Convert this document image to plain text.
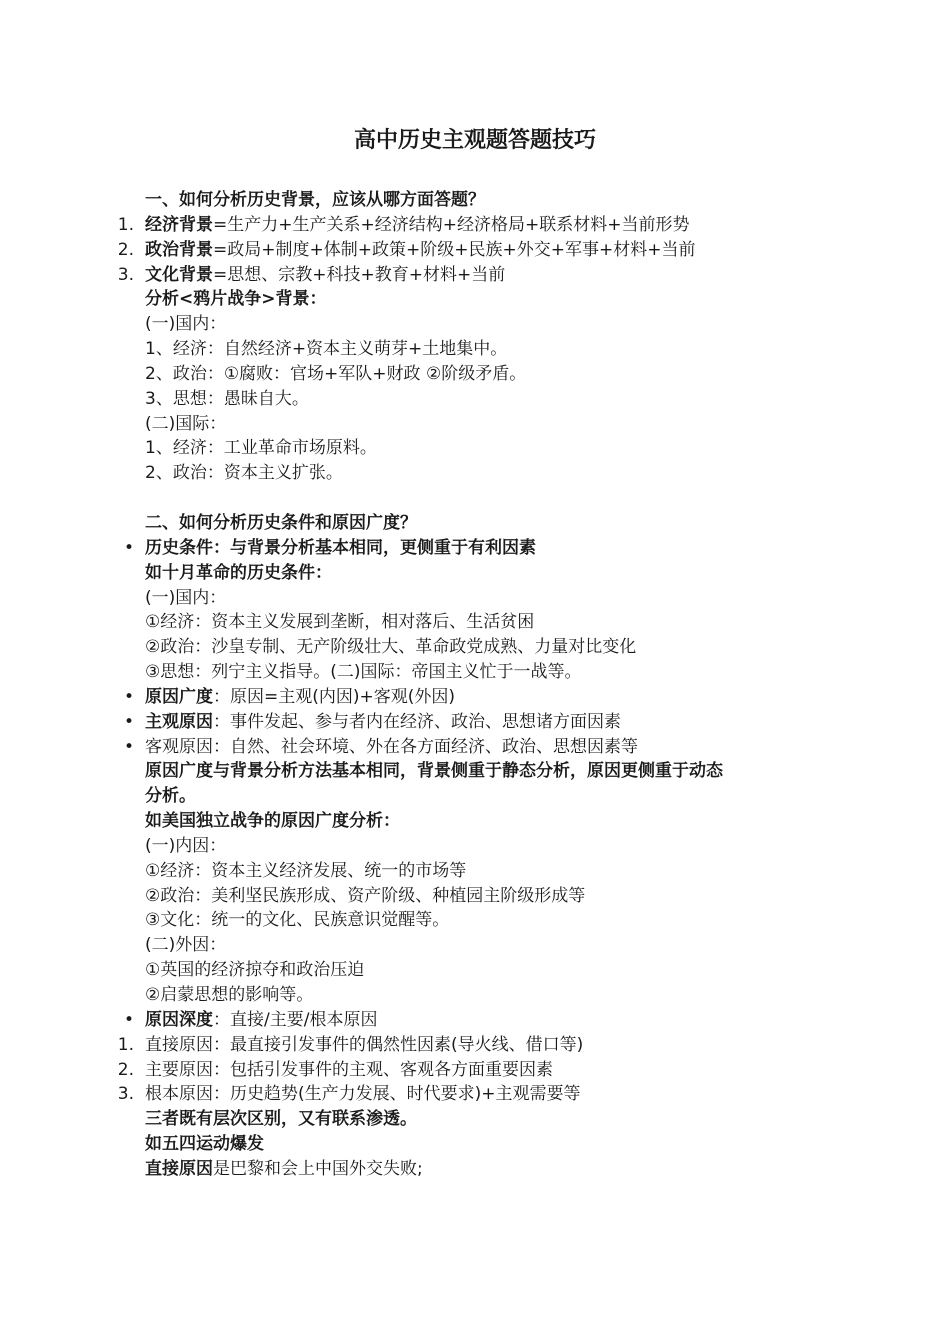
高中历史主观题答题技巧
一、如何分析历史背景，应该从哪方面答题？
1. 经济背景=生产力+生产关系+经济结构+经济格局+联系材料+当前形势
2. 政治背景=政局+制度+体制+政策+阶级+民族+外交+军事+材料+当前
3. 文化背景=思想、宗教+科技+教育+材料+当前
分析<鸦片战争>背景：
(一)国内：
1、经济：自然经济+资本主义萌芽+土地集中。
2、政治：①腐败：官场+军队+财政 ②阶级矛盾。
3、思想：愚昧自大。
(二)国际：
1、经济：工业革命市场原料。
2、政治：资本主义扩张。
二、如何分析历史条件和原因广度？
• 历史条件：与背景分析基本相同，更侧重于有利因素
如十月革命的历史条件：
(一)国内：
①经济：资本主义发展到垄断，相对落后、生活贫困
②政治：沙皇专制、无产阶级壮大、革命政党成熟、力量对比变化
③思想：列宁主义指导。(二)国际：帝国主义忙于一战等。
• 原因广度：原因=主观(内因)+客观(外因)
• 主观原因：事件发起、参与者内在经济、政治、思想诸方面因素
• 客观原因：自然、社会环境、外在各方面经济、政治、思想因素等
原因广度与背景分析方法基本相同，背景侧重于静态分析，原因更侧重于动态
分析。
如美国独立战争的原因广度分析：
(一)内因：
①经济：资本主义经济发展、统一的市场等
②政治：美利坚民族形成、资产阶级、种植园主阶级形成等
③文化：统一的文化、民族意识觉醒等。
(二)外因：
①英国的经济掠夺和政治压迫
②启蒙思想的影响等。
• 原因深度：直接/主要/根本原因
1. 直接原因：最直接引发事件的偶然性因素(导火线、借口等)
2. 主要原因：包括引发事件的主观、客观各方面重要因素
3. 根本原因：历史趋势(生产力发展、时代要求)+主观需要等
三者既有层次区别，又有联系渗透。
如五四运动爆发
直接原因是巴黎和会上中国外交失败;
